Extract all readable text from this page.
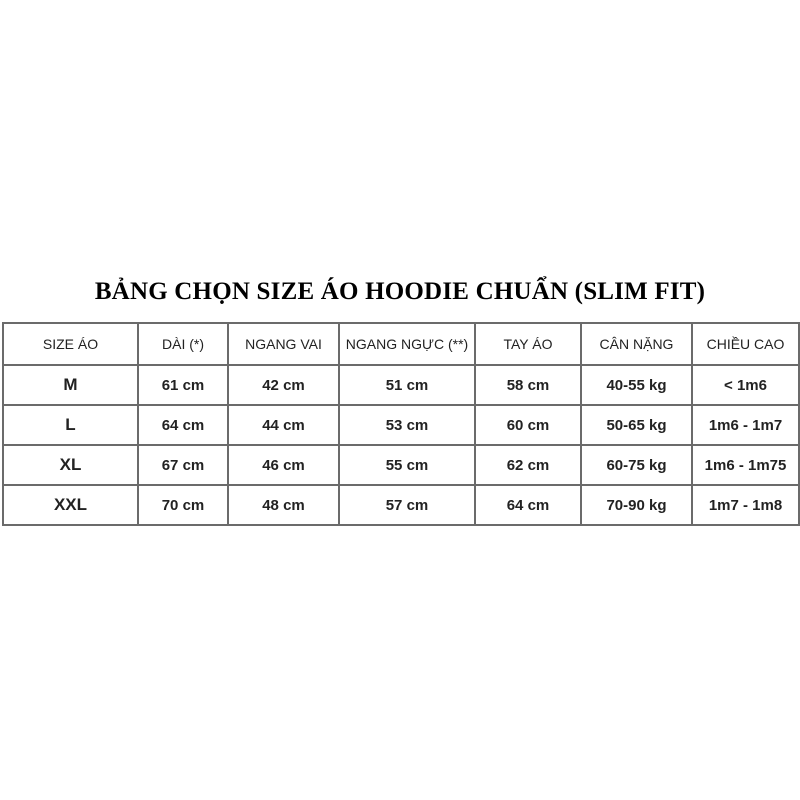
BẢNG CHỌN SIZE ÁO HOODIE CHUẨN (SLIM FIT)
SIZE ÁO	DÀI (*)	NGANG VAI	NGANG NGỰC (**)	TAY ÁO	CÂN NẶNG	CHIỀU CAO
M	61 cm	42 cm	51 cm	58 cm	40-55 kg	< 1m6
L	64 cm	44 cm	53 cm	60 cm	50-65 kg	1m6 - 1m7
XL	67 cm	46 cm	55 cm	62 cm	60-75 kg	1m6 - 1m75
XXL	70 cm	48 cm	57 cm	64 cm	70-90 kg	1m7 - 1m8
